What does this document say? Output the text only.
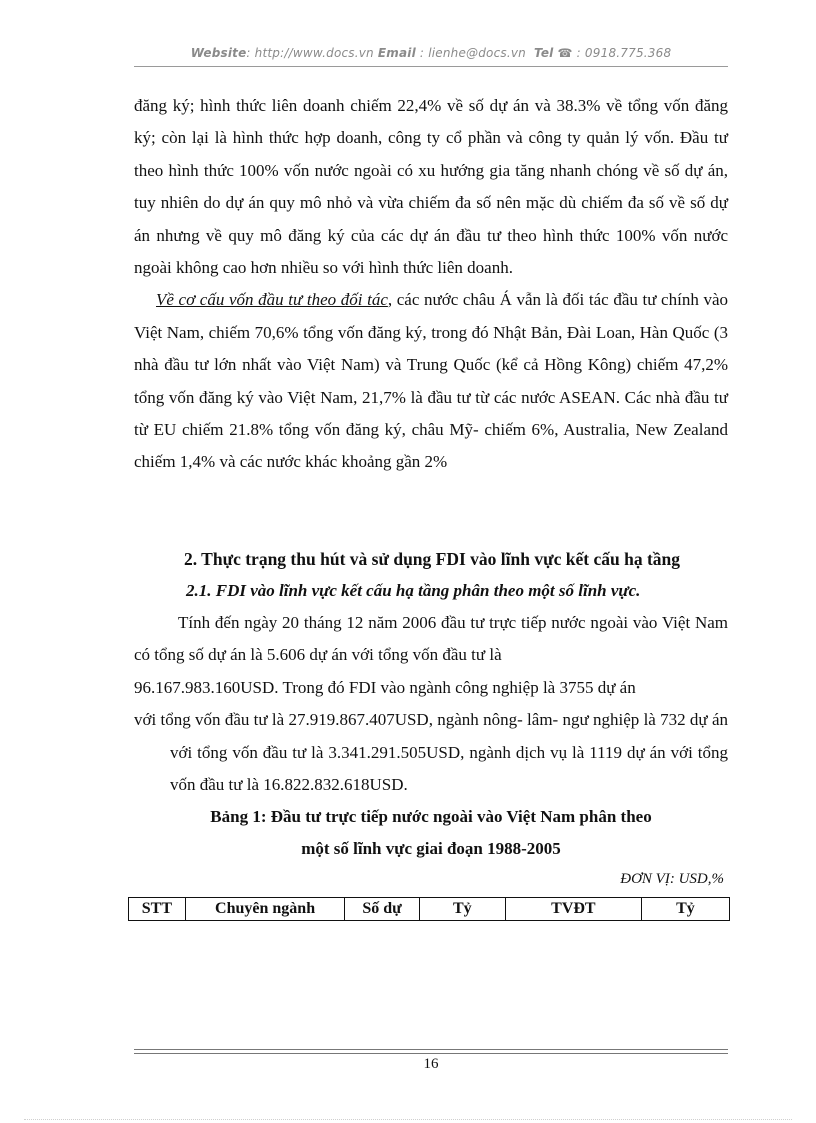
Website: http://www.docs.vn Email : lienhe@docs.vn Tel ☎ : 0918.775.368

đăng ký; hình thức liên doanh chiếm 22,4% về số dự án và 38.3% về tổng vốn đăng ký; còn lại là hình thức hợp doanh, công ty cổ phần và công ty quản lý vốn. Đầu tư theo hình thức 100% vốn nước ngoài có xu hướng gia tăng nhanh chóng về số dự án, tuy nhiên do dự án quy mô nhỏ và vừa chiếm đa số nên mặc dù chiếm đa số về số dự án nhưng về quy mô đăng ký của các dự án đầu tư theo hình thức 100% vốn nước ngoài không cao hơn nhiều so với hình thức liên doanh.

Về cơ cấu vốn đầu tư theo đối tác, các nước châu Á vẫn là đối tác đầu tư chính vào Việt Nam, chiếm 70,6% tổng vốn đăng ký, trong đó Nhật Bản, Đài Loan, Hàn Quốc (3 nhà đầu tư lớn nhất vào Việt Nam) và Trung Quốc (kể cả Hồng Kông) chiếm 47,2% tổng vốn đăng ký vào Việt Nam, 21,7% là đầu tư từ các nước ASEAN. Các nhà đầu tư từ EU chiếm 21.8% tổng vốn đăng ký, châu Mỹ- chiếm 6%, Australia, New Zealand chiếm 1,4% và các nước khác khoảng gần 2%

2. Thực trạng thu hút và sử dụng FDI vào lĩnh vực kết cấu hạ tầng

2.1. FDI vào lĩnh vực kết cấu hạ tầng phân theo một số lĩnh vực.

Tính đến ngày 20 tháng 12 năm 2006 đầu tư trực tiếp nước ngoài vào Việt Nam có tổng số dự án là 5.606 dự án với tổng vốn đầu tư là

96.167.983.160USD. Trong đó FDI vào ngành công nghiệp là 3755 dự án

với tổng vốn đầu tư là 27.919.867.407USD, ngành nông- lâm- ngư nghiệp là 732 dự án với tổng vốn đầu tư là 3.341.291.505USD, ngành dịch vụ là 1119 dự án với tổng vốn đầu tư là 16.822.832.618USD.

Bảng 1: Đầu tư trực tiếp nước ngoài vào Việt Nam phân theo

một số lĩnh vực giai đoạn 1988-2005

ĐƠN VỊ: USD,%

STT	Chuyên ngành	Số dự	Tỷ	TVĐT	Tỷ
16
